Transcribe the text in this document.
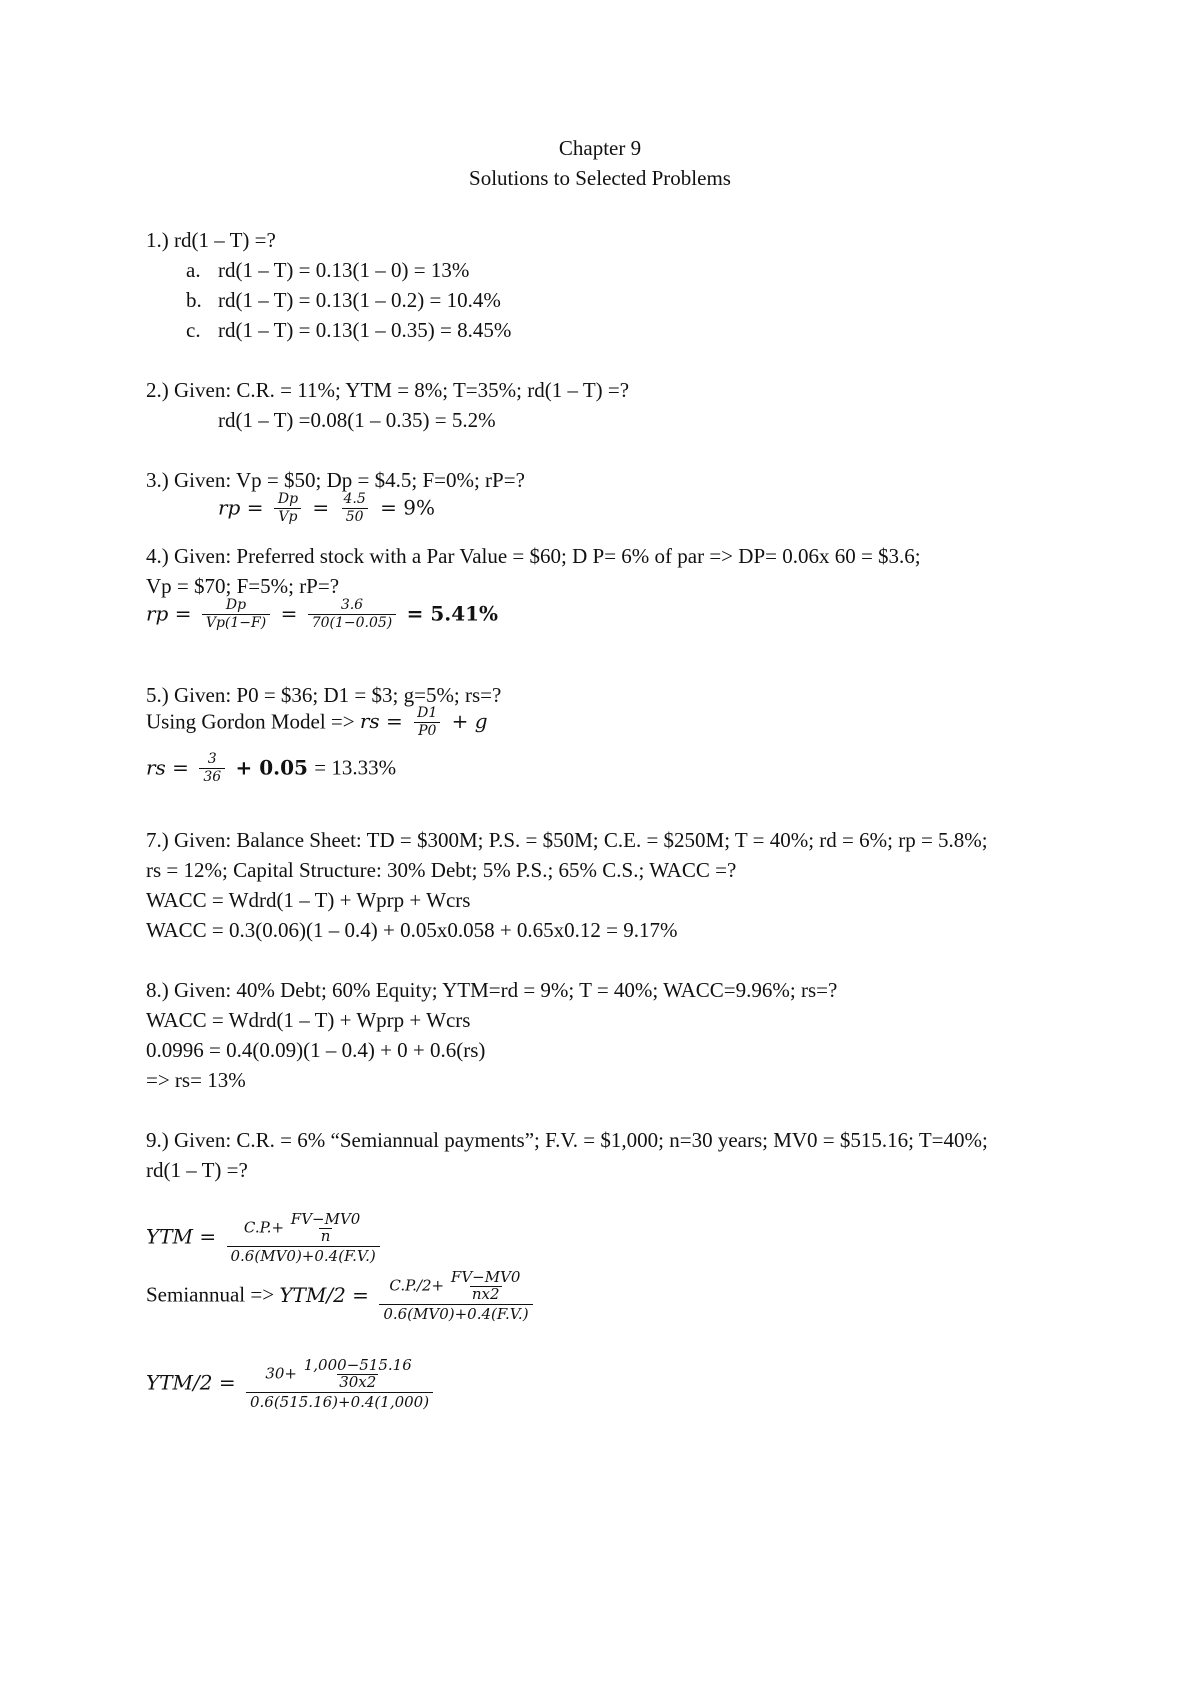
Chapter 9
Solutions to Selected Problems
1.) rd(1 – T) =?
a. rd(1 – T) = 0.13(1 – 0) = 13%
b. rd(1 – T) = 0.13(1 – 0.2) = 10.4%
c. rd(1 – T) = 0.13(1 – 0.35) = 8.45%
2.) Given: C.R. = 11%; YTM = 8%; T=35%; rd(1 – T) =?
rd(1 – T) =0.08(1 – 0.35) = 5.2%
3.) Given: Vp = $50; Dp = $4.5; F=0%; rP=?
rp = $\frac{Dp}{Vp} = \frac{4.5}{50} = 9\%$
4.) Given: Preferred stock with a Par Value = $60; D P= 6% of par => DP= 0.06x 60 = $3.6;
Vp = $70; F=5%; rP=?
rp = $\frac{Dp}{Vp(1-F)} = \frac{3.6}{70(1-0.05)} = 5.41\%$
5.) Given: P0 = $36; D1 = $3; g=5%; rs=?
Using Gordon Model => rs = $\frac{D1}{P0} + g$
rs = $\frac{3}{36} + 0.05 = 13.33\%$
7.) Given: Balance Sheet: TD = $300M; P.S. = $50M; C.E. = $250M; T = 40%; rd = 6%; rp = 5.8%;
rs = 12%; Capital Structure: 30% Debt; 5% P.S.; 65% C.S.; WACC =?
WACC = Wdrd(1 – T) + Wprp + Wcrs
WACC = 0.3(0.06)(1 – 0.4) + 0.05x0.058 + 0.65x0.12 = 9.17%
8.) Given: 40% Debt; 60% Equity; YTM=rd = 9%; T = 40%; WACC=9.96%; rs=?
WACC = Wdrd(1 – T) + Wprp + Wcrs
0.0996 = 0.4(0.09)(1 – 0.4) + 0 + 0.6(rs)
=> rs= 13%
9.) Given: C.R. = 6% “Semiannual payments”; F.V. = $1,000; n=30 years; MV0 = $515.16; T=40%;
rd(1 – T) =?
YTM = $\frac{C.P.+ \frac{FV-MV0}{n}}{0.6(MV0)+0.4(F.V.)}$
Semiannual => $YTM/2 = \frac{C.P./2+ \frac{FV-MV0}{nx2}}{0.6(MV0)+0.4(F.V.)}$
$YTM/2 = \frac{30+ \frac{1,000-515.16}{30x2}}{0.6(515.16)+0.4(1,000)}$
